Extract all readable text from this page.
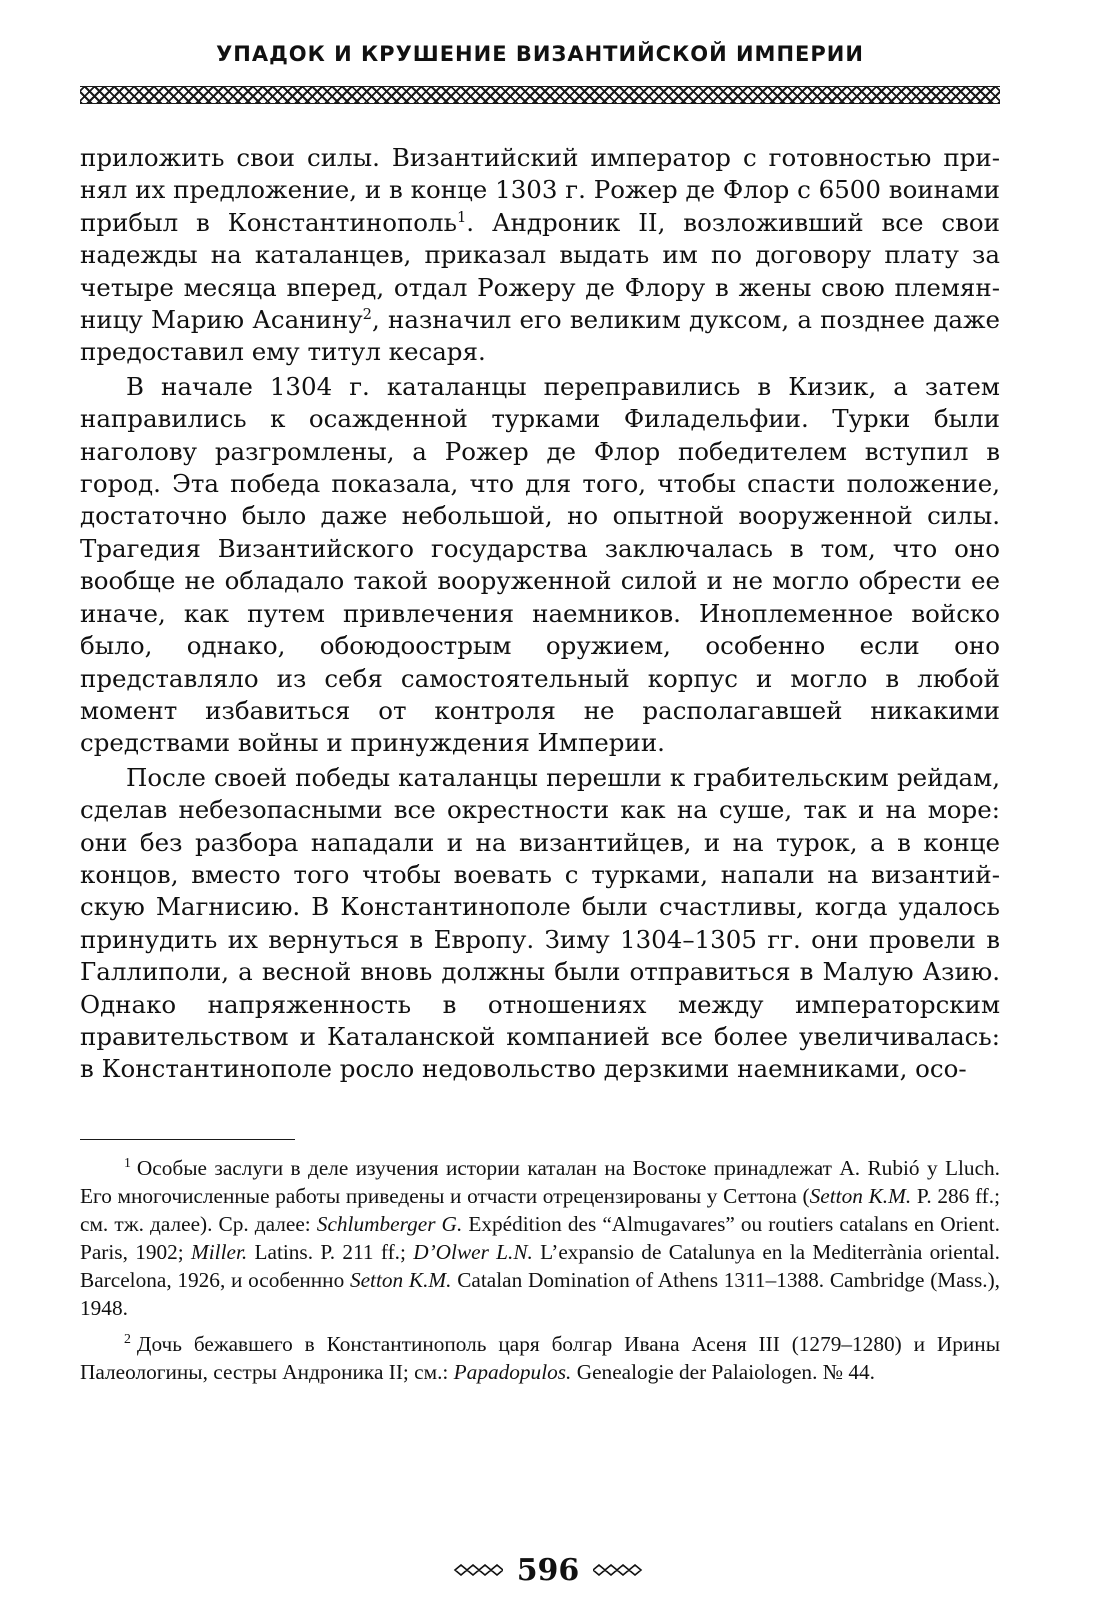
УПАДОК И КРУШЕНИЕ ВИЗАНТИЙСКОЙ ИМПЕРИИ

приложить свои силы. Византийский император с готовностью принял их предложение, и в конце 1303 г. Рожер де Флор с 6500 воинами прибыл в Константинополь$^1$. Андроник II, возложивший все свои надежды на каталанцев, приказал выдать им по договору плату за четыре месяца вперед, отдал Рожеру де Флору в жены свою племянницу Марию Асанину$^2$, назначил его великим дуксом, а позднее даже предоставил ему титул кесаря.

В начале 1304 г. каталанцы переправились в Кизик, а затем направились к осажденной турками Филадельфии. Турки были наголову разгромлены, а Рожер де Флор победителем вступил в город. Эта победа показала, что для того, чтобы спасти положение, достаточно было даже небольшой, но опытной вооруженной силы. Трагедия Византийского государства заключалась в том, что оно вообще не обладало такой вооруженной силой и не могло обрести ее иначе, как путем привлечения наемников. Иноплеменное войско было, однако, обоюдоострым оружием, особенно если оно представляло из себя самостоятельный корпус и могло в любой момент избавиться от контроля не располагавшей никакими средствами войны и принуждения Империи.

После своей победы каталанцы перешли к грабительским рейдам, сделав небезопасными все окрестности как на суше, так и на море: они без разбора нападали и на византийцев, и на турок, а в конце концов, вместо того чтобы воевать с турками, напали на византийскую Магнисию. В Константинополе были счастливы, когда удалось принудить их вернуться в Европу. Зиму 1304–1305 гг. они провели в Галлиполи, а весной вновь должны были отправиться в Малую Азию. Однако напряженность в отношениях между императорским правительством и Каталанской компанией все более увеличивалась: в Константинополе росло недовольство дерзкими наемниками, осо-

$^1$ Особые заслуги в деле изучения истории каталан на Востоке принадлежат A. Rubió y Lluch. Его многочисленные работы приведены и отчасти отрецензированы у Сеттона (Setton K.M. P. 286 ff.; см. тж. далее). Ср. далее: Schlumberger G. Expédition des “Almugavares” ou routiers catalans en Orient. Paris, 1902; Miller. Latins. P. 211 ff.; D’Olwer L.N. L’expansio de Catalunya en la Mediterrània oriental. Barcelona, 1926, и особеннно Setton K.M. Catalan Domination of Athens 1311–1388. Cambridge (Mass.), 1948.

$^2$ Дочь бежавшего в Константинополь царя болгар Ивана Асеня III (1279–1280) и Ирины Палеологины, сестры Андроника II; см.: Papadopulos. Genealogie der Palaiologen. № 44.

596
